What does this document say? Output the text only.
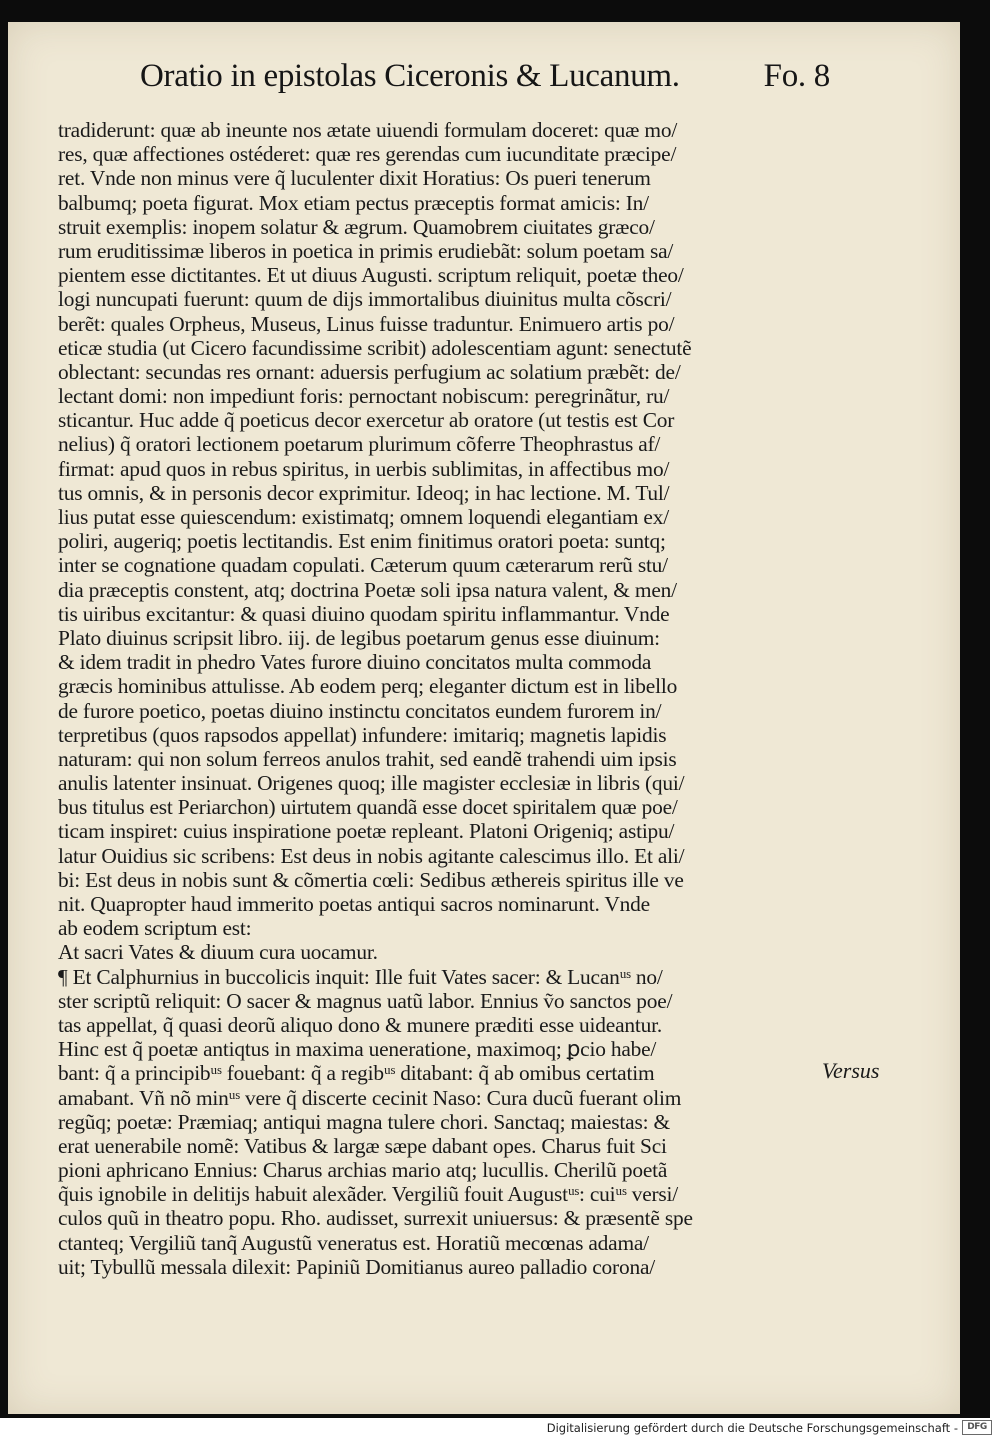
Oratio in epistolas Ciceronis & Lucanum.	Fo. 8
tradiderunt: quæ ab ineunte nos ætate uiuendi formulam doceret: quæ mo/
res, quæ affectiones ostéderet: quæ res gerendas cum iucunditate præcipe/
ret. Vnde non minus vere q̃ luculenter dixit Horatius: Os pueri tenerum
balbumq; poeta figurat. Mox etiam pectus præceptis format amicis: In/
struit exemplis: inopem solatur & ægrum. Quamobrem ciuitates græco/
rum eruditissimæ liberos in poetica in primis erudiebãt: solum poetam sa/
pientem esse dictitantes. Et ut diuus Augusti. scriptum reliquit, poetæ theo/
logi nuncupati fuerunt: quum de dijs immortalibus diuinitus multa cõscri/
berẽt: quales Orpheus, Museus, Linus fuisse traduntur. Enimuero artis po/
eticæ studia (ut Cicero facundissime scribit) adolescentiam agunt: senectutẽ
oblectant: secundas res ornant: aduersis perfugium ac solatium præbẽt: de/
lectant domi: non impediunt foris: pernoctant nobiscum: peregrinãtur, ru/
sticantur. Huc adde q̃ poeticus decor exercetur ab oratore (ut testis est Cor
nelius) q̃ oratori lectionem poetarum plurimum cõferre Theophrastus af/
firmat: apud quos in rebus spiritus, in uerbis sublimitas, in affectibus mo/
tus omnis, & in personis decor exprimitur. Ideoq; in hac lectione. M. Tul/
lius putat esse quiescendum: existimatq; omnem loquendi elegantiam ex/
poliri, augeriq; poetis lectitandis. Est enim finitimus oratori poeta: suntq;
inter se cognatione quadam copulati. Cæterum quum cæterarum rerũ stu/
dia præceptis constent, atq; doctrina Poetæ soli ipsa natura valent, & men/
tis uiribus excitantur: & quasi diuino quodam spiritu inflammantur. Vnde
Plato diuinus scripsit libro. iij. de legibus poetarum genus esse diuinum:
& idem tradit in phedro Vates furore diuino concitatos multa commoda
græcis hominibus attulisse. Ab eodem perq; eleganter dictum est in libello
de furore poetico, poetas diuino instinctu concitatos eundem furorem in/
terpretibus (quos rapsodos appellat) infundere: imitariq; magnetis lapidis
naturam: qui non solum ferreos anulos trahit, sed eandẽ trahendi uim ipsis
anulis latenter insinuat. Origenes quoq; ille magister ecclesiæ in libris (qui/
bus titulus est Periarchon) uirtutem quandã esse docet spiritalem quæ poe/
ticam inspiret: cuius inspiratione poetæ repleant. Platoni Origeniq; astipu/
latur Ouidius sic scribens: Est deus in nobis agitante calescimus illo. Et ali/
bi: Est deus in nobis sunt & cõmertia cœli: Sedibus æthereis spiritus ille ve
nit. Quapropter haud immerito poetas antiqui sacros nominarunt. Vnde
ab eodem scriptum est:
At sacri Vates & diuum cura uocamur.
¶ Et Calphurnius in buccolicis inquit: Ille fuit Vates sacer: & Lucanᵘˢ no/
ster scriptũ reliquit: O sacer & magnus uatũ labor. Ennius ṽo sanctos poe/
tas appellat, q̃ quasi deorũ aliquo dono & munere præditi esse uideantur.
Hinc est q̃ poetæ antiqtus in maxima ueneratione, maximoq; ꝑcio habe/
bant: q̃ a principibᵘˢ fouebant: q̃ a regibᵘˢ ditabant: q̃ ab omibus certatim
amabant. Vñ nõ minᵘˢ vere q̃ discerte cecinit Naso: Cura ducũ fuerant olim
regũq; poetæ: Præmiaq; antiqui magna tulere chori. Sanctaq; maiestas: &
erat uenerabile nomẽ: Vatibus & largæ sæpe dabant opes. Charus fuit Sci
pioni aphricano Ennius: Charus archias mario atq; lucullis. Cherilũ poetã
q̃uis ignobile in delitijs habuit alexãder. Vergiliũ fouit Augustᵘˢ: cuiᵘˢ versi/
culos quũ in theatro popu. Rho. audisset, surrexit uniuersus: & præsentẽ spe
ctanteq; Vergiliũ tanq̃ Augustũ veneratus est. Horatiũ mecœnas adama/
uit; Tybullũ messala dilexit: Papiniũ Domitianus aureo palladio corona/
Versus
Digitalisierung gefördert durch die Deutsche Forschungsgemeinschaft -	DFG
